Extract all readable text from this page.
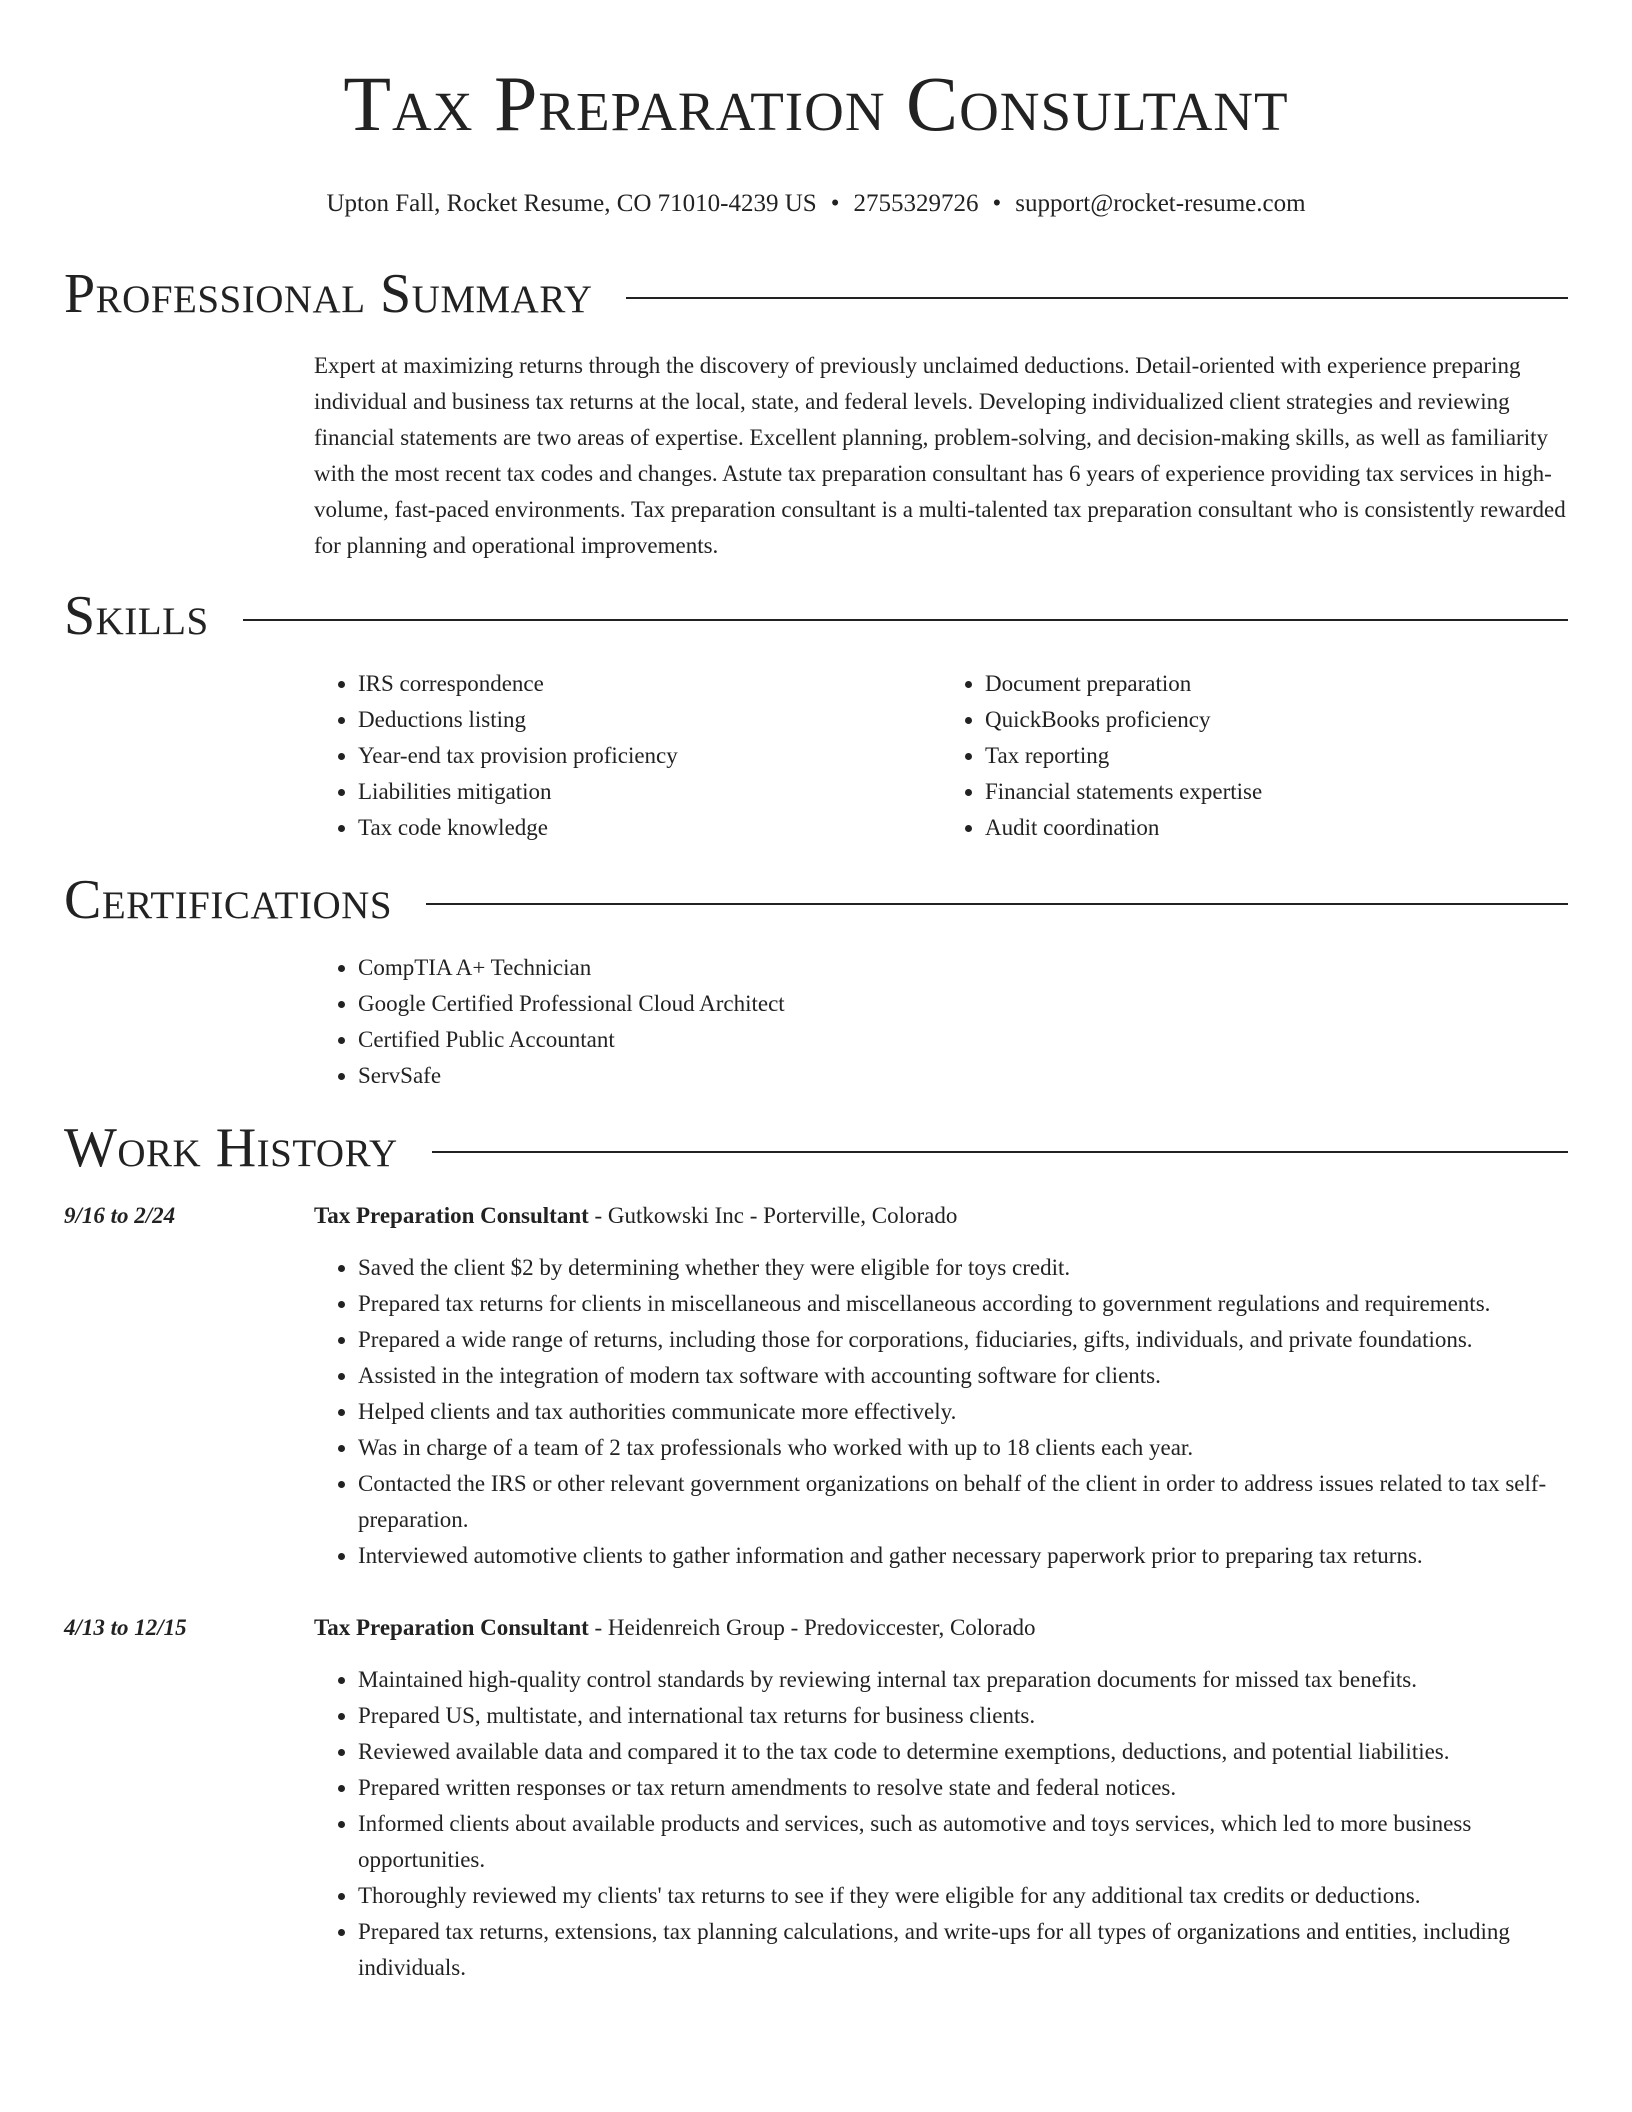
Tax Preparation Consultant
Upton Fall, Rocket Resume, CO 71010-4239 US • 2755329726 • support@rocket-resume.com
Professional Summary
Expert at maximizing returns through the discovery of previously unclaimed deductions. Detail-oriented with experience preparing individual and business tax returns at the local, state, and federal levels. Developing individualized client strategies and reviewing financial statements are two areas of expertise. Excellent planning, problem-solving, and decision-making skills, as well as familiarity with the most recent tax codes and changes. Astute tax preparation consultant has 6 years of experience providing tax services in high-volume, fast-paced environments. Tax preparation consultant is a multi-talented tax preparation consultant who is consistently rewarded for planning and operational improvements.
Skills
• IRS correspondence
• Deductions listing
• Year-end tax provision proficiency
• Liabilities mitigation
• Tax code knowledge
• Document preparation
• QuickBooks proficiency
• Tax reporting
• Financial statements expertise
• Audit coordination
Certifications
• CompTIA A+ Technician
• Google Certified Professional Cloud Architect
• Certified Public Accountant
• ServSafe
Work History
9/16 to 2/24	Tax Preparation Consultant - Gutkowski Inc - Porterville, Colorado
• Saved the client $2 by determining whether they were eligible for toys credit.
• Prepared tax returns for clients in miscellaneous and miscellaneous according to government regulations and requirements.
• Prepared a wide range of returns, including those for corporations, fiduciaries, gifts, individuals, and private foundations.
• Assisted in the integration of modern tax software with accounting software for clients.
• Helped clients and tax authorities communicate more effectively.
• Was in charge of a team of 2 tax professionals who worked with up to 18 clients each year.
• Contacted the IRS or other relevant government organizations on behalf of the client in order to address issues related to tax self-preparation.
• Interviewed automotive clients to gather information and gather necessary paperwork prior to preparing tax returns.
4/13 to 12/15	Tax Preparation Consultant - Heidenreich Group - Predoviccester, Colorado
• Maintained high-quality control standards by reviewing internal tax preparation documents for missed tax benefits.
• Prepared US, multistate, and international tax returns for business clients.
• Reviewed available data and compared it to the tax code to determine exemptions, deductions, and potential liabilities.
• Prepared written responses or tax return amendments to resolve state and federal notices.
• Informed clients about available products and services, such as automotive and toys services, which led to more business opportunities.
• Thoroughly reviewed my clients' tax returns to see if they were eligible for any additional tax credits or deductions.
• Prepared tax returns, extensions, tax planning calculations, and write-ups for all types of organizations and entities, including individuals.
